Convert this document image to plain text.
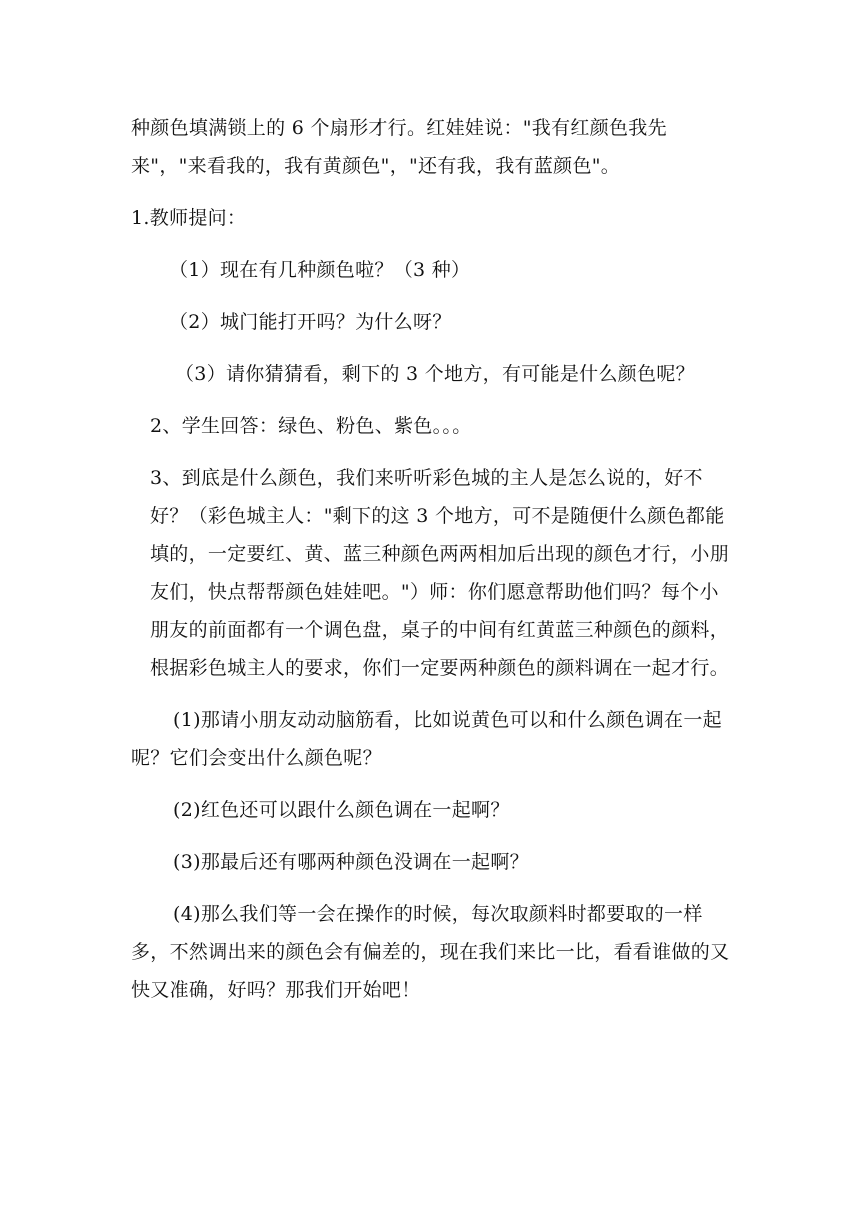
种颜色填满锁上的 6 个扇形才行。红娃娃说："我有红颜色我先来"，"来看我的，我有黄颜色"，"还有我，我有蓝颜色"。

1.教师提问：

（1）现在有几种颜色啦？（3 种）

（2）城门能打开吗？为什么呀？

（3）请你猜猜看，剩下的 3 个地方，有可能是什么颜色呢？

2、学生回答：绿色、粉色、紫色。。。

3、到底是什么颜色，我们来听听彩色城的主人是怎么说的，好不好？（彩色城主人："剩下的这 3 个地方，可不是随便什么颜色都能填的，一定要红、黄、蓝三种颜色两两相加后出现的颜色才行，小朋友们，快点帮帮颜色娃娃吧。"）师：你们愿意帮助他们吗？每个小朋友的前面都有一个调色盘，桌子的中间有红黄蓝三种颜色的颜料，根据彩色城主人的要求，你们一定要两种颜色的颜料调在一起才行。

(1)那请小朋友动动脑筋看，比如说黄色可以和什么颜色调在一起呢？它们会变出什么颜色呢？

(2)红色还可以跟什么颜色调在一起啊？

(3)那最后还有哪两种颜色没调在一起啊？

(4)那么我们等一会在操作的时候，每次取颜料时都要取的一样多，不然调出来的颜色会有偏差的，现在我们来比一比，看看谁做的又快又准确，好吗？那我们开始吧！
